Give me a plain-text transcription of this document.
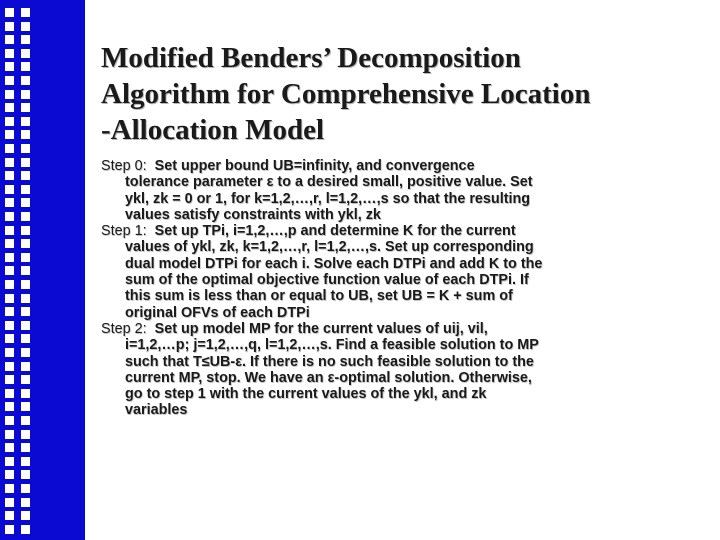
Modified Benders’ Decomposition
Algorithm for Comprehensive Location
-Allocation Model
Step 0: Set upper bound UB=infinity, and convergence
tolerance parameter ε to a desired small, positive value. Set
ykl, zk = 0 or 1, for k=1,2,…,r, l=1,2,…,s so that the resulting
values satisfy constraints with ykl, zk
Step 1: Set up TPi, i=1,2,…,p and determine K for the current
values of ykl, zk, k=1,2,…,r, l=1,2,…,s. Set up corresponding
dual model DTPi for each i. Solve each DTPi and add K to the
sum of the optimal objective function value of each DTPi. If
this sum is less than or equal to UB, set UB = K + sum of
original OFVs of each DTPi
Step 2: Set up model MP for the current values of uij, vil,
i=1,2,…p; j=1,2,…,q, l=1,2,…,s. Find a feasible solution to MP
such that T≤UB-ε. If there is no such feasible solution to the
current MP, stop. We have an ε-optimal solution. Otherwise,
go to step 1 with the current values of the ykl, and zk
variables
